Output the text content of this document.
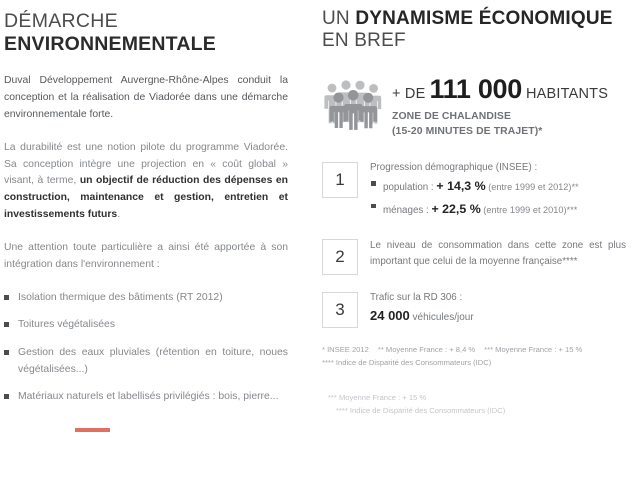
DÉMARCHE
ENVIRONNEMENTALE

Duval Développement Auvergne-Rhône-Alpes conduit la conception et la réalisation de Viadorée dans une démarche environnementale forte.

La durabilité est une notion pilote du programme Viadorée. Sa conception intègre une projection en « coût global » visant, à terme, un objectif de réduction des dépenses en construction, maintenance et gestion, entretien et investissements futurs.

Une attention toute particulière a ainsi été apportée à son intégration dans l'environnement :

Isolation thermique des bâtiments (RT 2012)
Toitures végétalisées
Gestion des eaux pluviales (rétention en toiture, noues végétalisées...)
Matériaux naturels et labellisés privilégiés : bois, pierre...
UN DYNAMISME ÉCONOMIQUE
EN BREF
+ DE 111 000 HABITANTS
ZONE DE CHALANDISE
(15-20 MINUTES DE TRAJET)*
1
Progression démographique (INSEE) :
population : + 14,3 % (entre 1999 et 2012)**
ménages : + 22,5 % (entre 1999 et 2010)***
2
Le niveau de consommation dans cette zone est plus important que celui de la moyenne française****
3
Trafic sur la RD 306 :
24 000 véhicules/jour
* INSEE 2012 ** Moyenne France : + 8,4 % *** Moyenne France : + 15 %
**** Indice de Disparité des Consommateurs (IDC)
*** Moyenne France : + 15 %
**** Indice de Disparité des Consommateurs (IDC)
